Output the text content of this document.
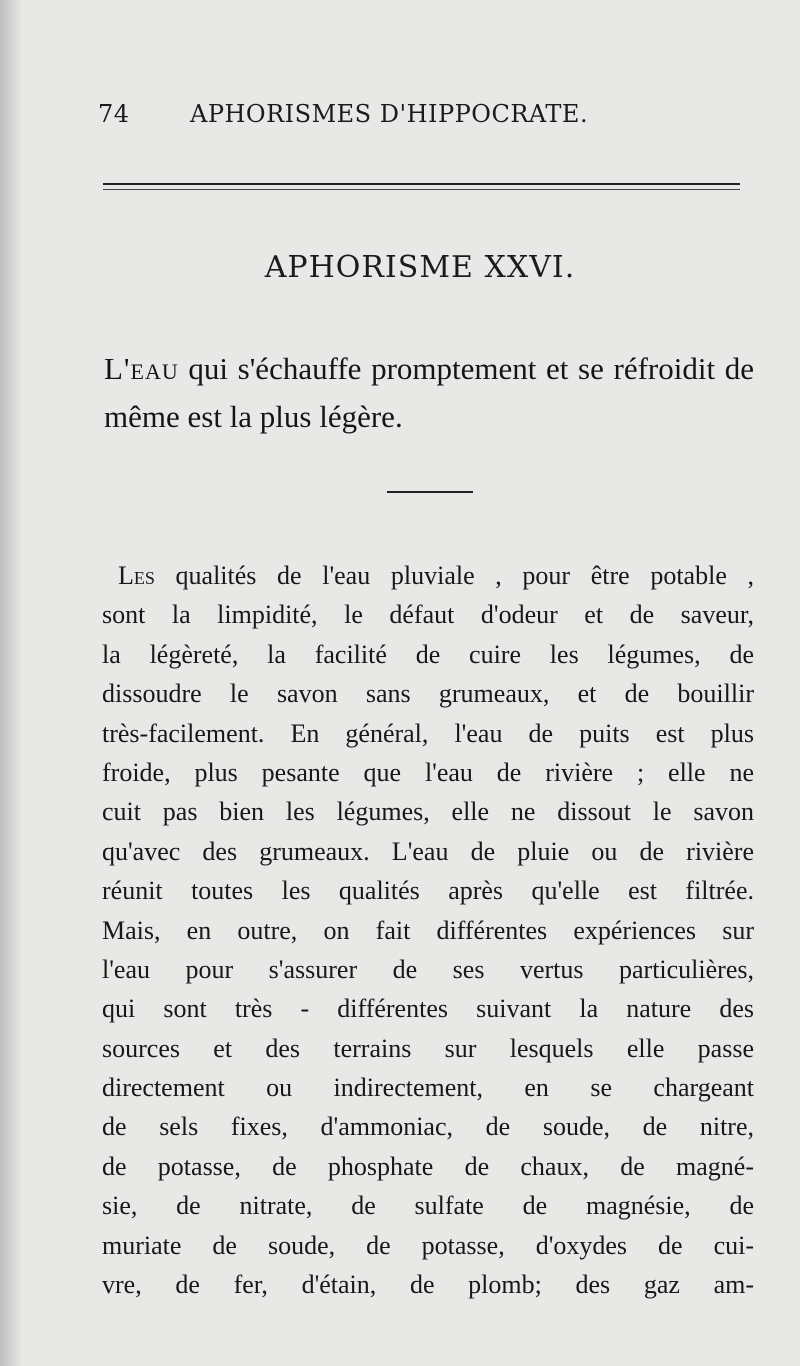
74	APHORISMES D'HIPPOCRATE.
APHORISME XXVI.
L'eau qui s'échauffe promptement et se réfroidit de même est la plus légère.
Les qualités de l'eau pluviale , pour être potable ,
sont la limpidité, le défaut d'odeur et de saveur,
la légèreté, la facilité de cuire les légumes, de
dissoudre le savon sans grumeaux, et de bouillir
très-facilement. En général, l'eau de puits est plus
froide, plus pesante que l'eau de rivière ; elle ne
cuit pas bien les légumes, elle ne dissout le savon
qu'avec des grumeaux. L'eau de pluie ou de rivière
réunit toutes les qualités après qu'elle est filtrée.
Mais, en outre, on fait différentes expériences sur
l'eau pour s'assurer de ses vertus particulières,
qui sont très - différentes suivant la nature des
sources et des terrains sur lesquels elle passe
directement ou indirectement, en se chargeant
de sels fixes, d'ammoniac, de soude, de nitre,
de potasse, de phosphate de chaux, de magné-
sie, de nitrate, de sulfate de magnésie, de
muriate de soude, de potasse, d'oxydes de cui-
vre, de fer, d'étain, de plomb; des gaz am-
